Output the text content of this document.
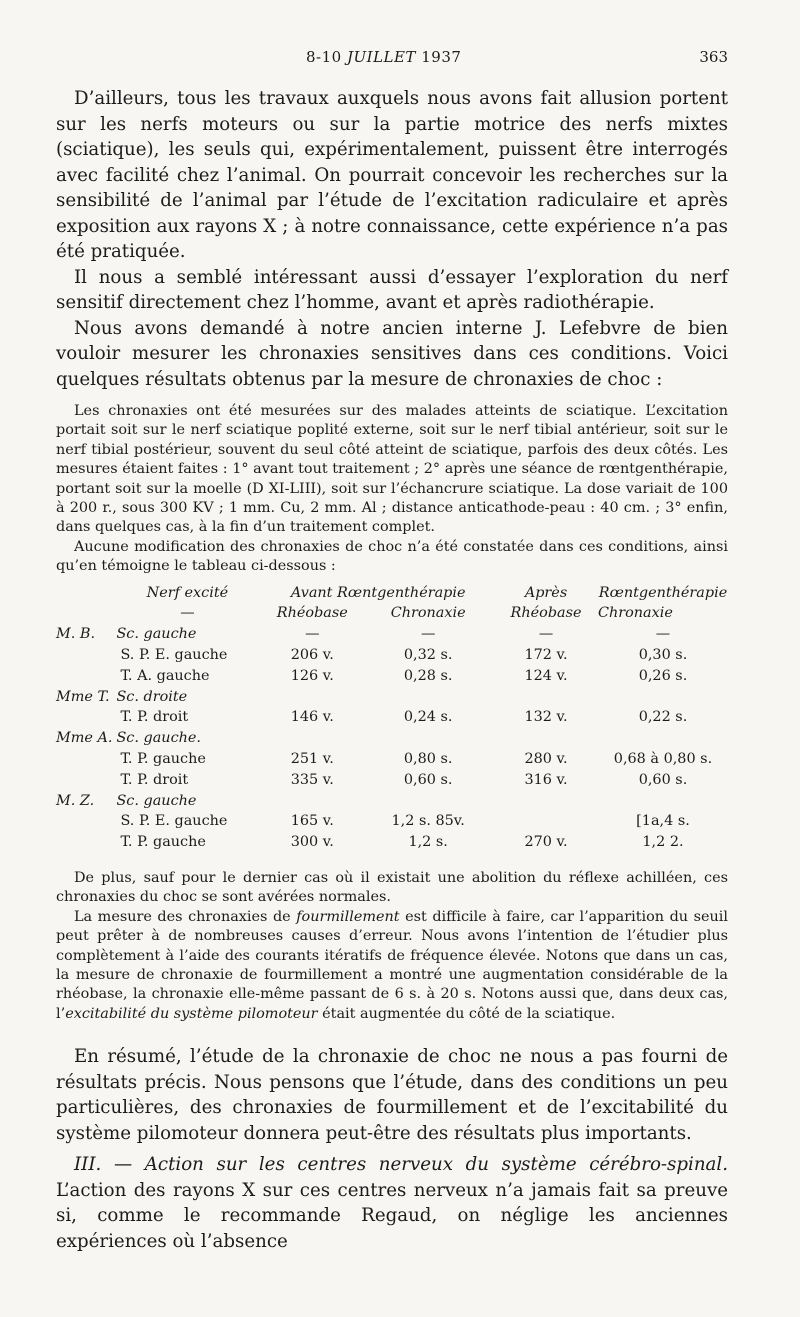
8-10 JUILLET 1937	363

D’ailleurs, tous les travaux auxquels nous avons fait allusion portent sur les nerfs moteurs ou sur la partie motrice des nerfs mixtes (sciatique), les seuls qui, expérimentalement, puissent être interrogés avec facilité chez l’animal. On pourrait concevoir les recherches sur la sensibilité de l’animal par l’étude de l’excitation radiculaire et après exposition aux rayons X ; à notre connaissance, cette expérience n’a pas été pratiquée.

Il nous a semblé intéressant aussi d’essayer l’exploration du nerf sensitif directement chez l’homme, avant et après radiothérapie.

Nous avons demandé à notre ancien interne J. Lefebvre de bien vouloir mesurer les chronaxies sensitives dans ces conditions. Voici quelques résultats obtenus par la mesure de chronaxies de choc :

Les chronaxies ont été mesurées sur des malades atteints de sciatique. L’excitation portait soit sur le nerf sciatique poplité externe, soit sur le nerf tibial antérieur, soit sur le nerf tibial postérieur, souvent du seul côté atteint de sciatique, parfois des deux côtés. Les mesures étaient faites : 1° avant tout traitement ; 2° après une séance de rœntgenthérapie, portant soit sur la moelle (D XI-LIII), soit sur l’échancrure sciatique. La dose variait de 100 à 200 r., sous 300 KV ; 1 mm. Cu, 2 mm. Al ; distance anticathode-peau : 40 cm. ; 3° enfin, dans quelques cas, à la fin d’un traitement complet.

Aucune modification des chronaxies de choc n’a été constatée dans ces conditions, ainsi qu’en témoigne le tableau ci-dessous :

	Nerf excité	Avant Rœntgenthérapie		Après	Rœntgenthérapie
	—	Rhéobase	Chronaxie	Rhéobase	Chronaxie
M. B.	Sc. gauche	—	—	—	—
	S. P. E. gauche	206 v.	0,32 s.	172 v.	0,30 s.
	T. A. gauche	126 v.	0,28 s.	124 v.	0,26 s.
Mme T.	Sc. droite				
	T. P. droit	146 v.	0,24 s.	132 v.	0,22 s.
Mme A.	Sc. gauche.				
	T. P. gauche	251 v.	0,80 s.	280 v.	0,68 à 0,80 s.
	T. P. droit	335 v.	0,60 s.	316 v.	0,60 s.
M. Z.	Sc. gauche				
	S. P. E. gauche	165 v.	1,2 s. 85v.		[1a,4 s.
	T. P. gauche	300 v.	1,2 s.	270 v.	1,2 2.

De plus, sauf pour le dernier cas où il existait une abolition du réflexe achilléen, ces chronaxies du choc se sont avérées normales.

La mesure des chronaxies de fourmillement est difficile à faire, car l’apparition du seuil peut prêter à de nombreuses causes d’erreur. Nous avons l’intention de l’étudier plus complètement à l’aide des courants itératifs de fréquence élevée. Notons que dans un cas, la mesure de chronaxie de fourmillement a montré une augmentation considérable de la rhéobase, la chronaxie elle-même passant de 6 s. à 20 s. Notons aussi que, dans deux cas, l’excitabilité du système pilomoteur était augmentée du côté de la sciatique.

En résumé, l’étude de la chronaxie de choc ne nous a pas fourni de résultats précis. Nous pensons que l’étude, dans des conditions un peu particulières, des chronaxies de fourmillement et de l’excitabilité du système pilomoteur donnera peut-être des résultats plus importants.

III. — Action sur les centres nerveux du système cérébro-spinal. L’action des rayons X sur ces centres nerveux n’a jamais fait sa preuve si, comme le recommande Regaud, on néglige les anciennes expériences où l’absence
